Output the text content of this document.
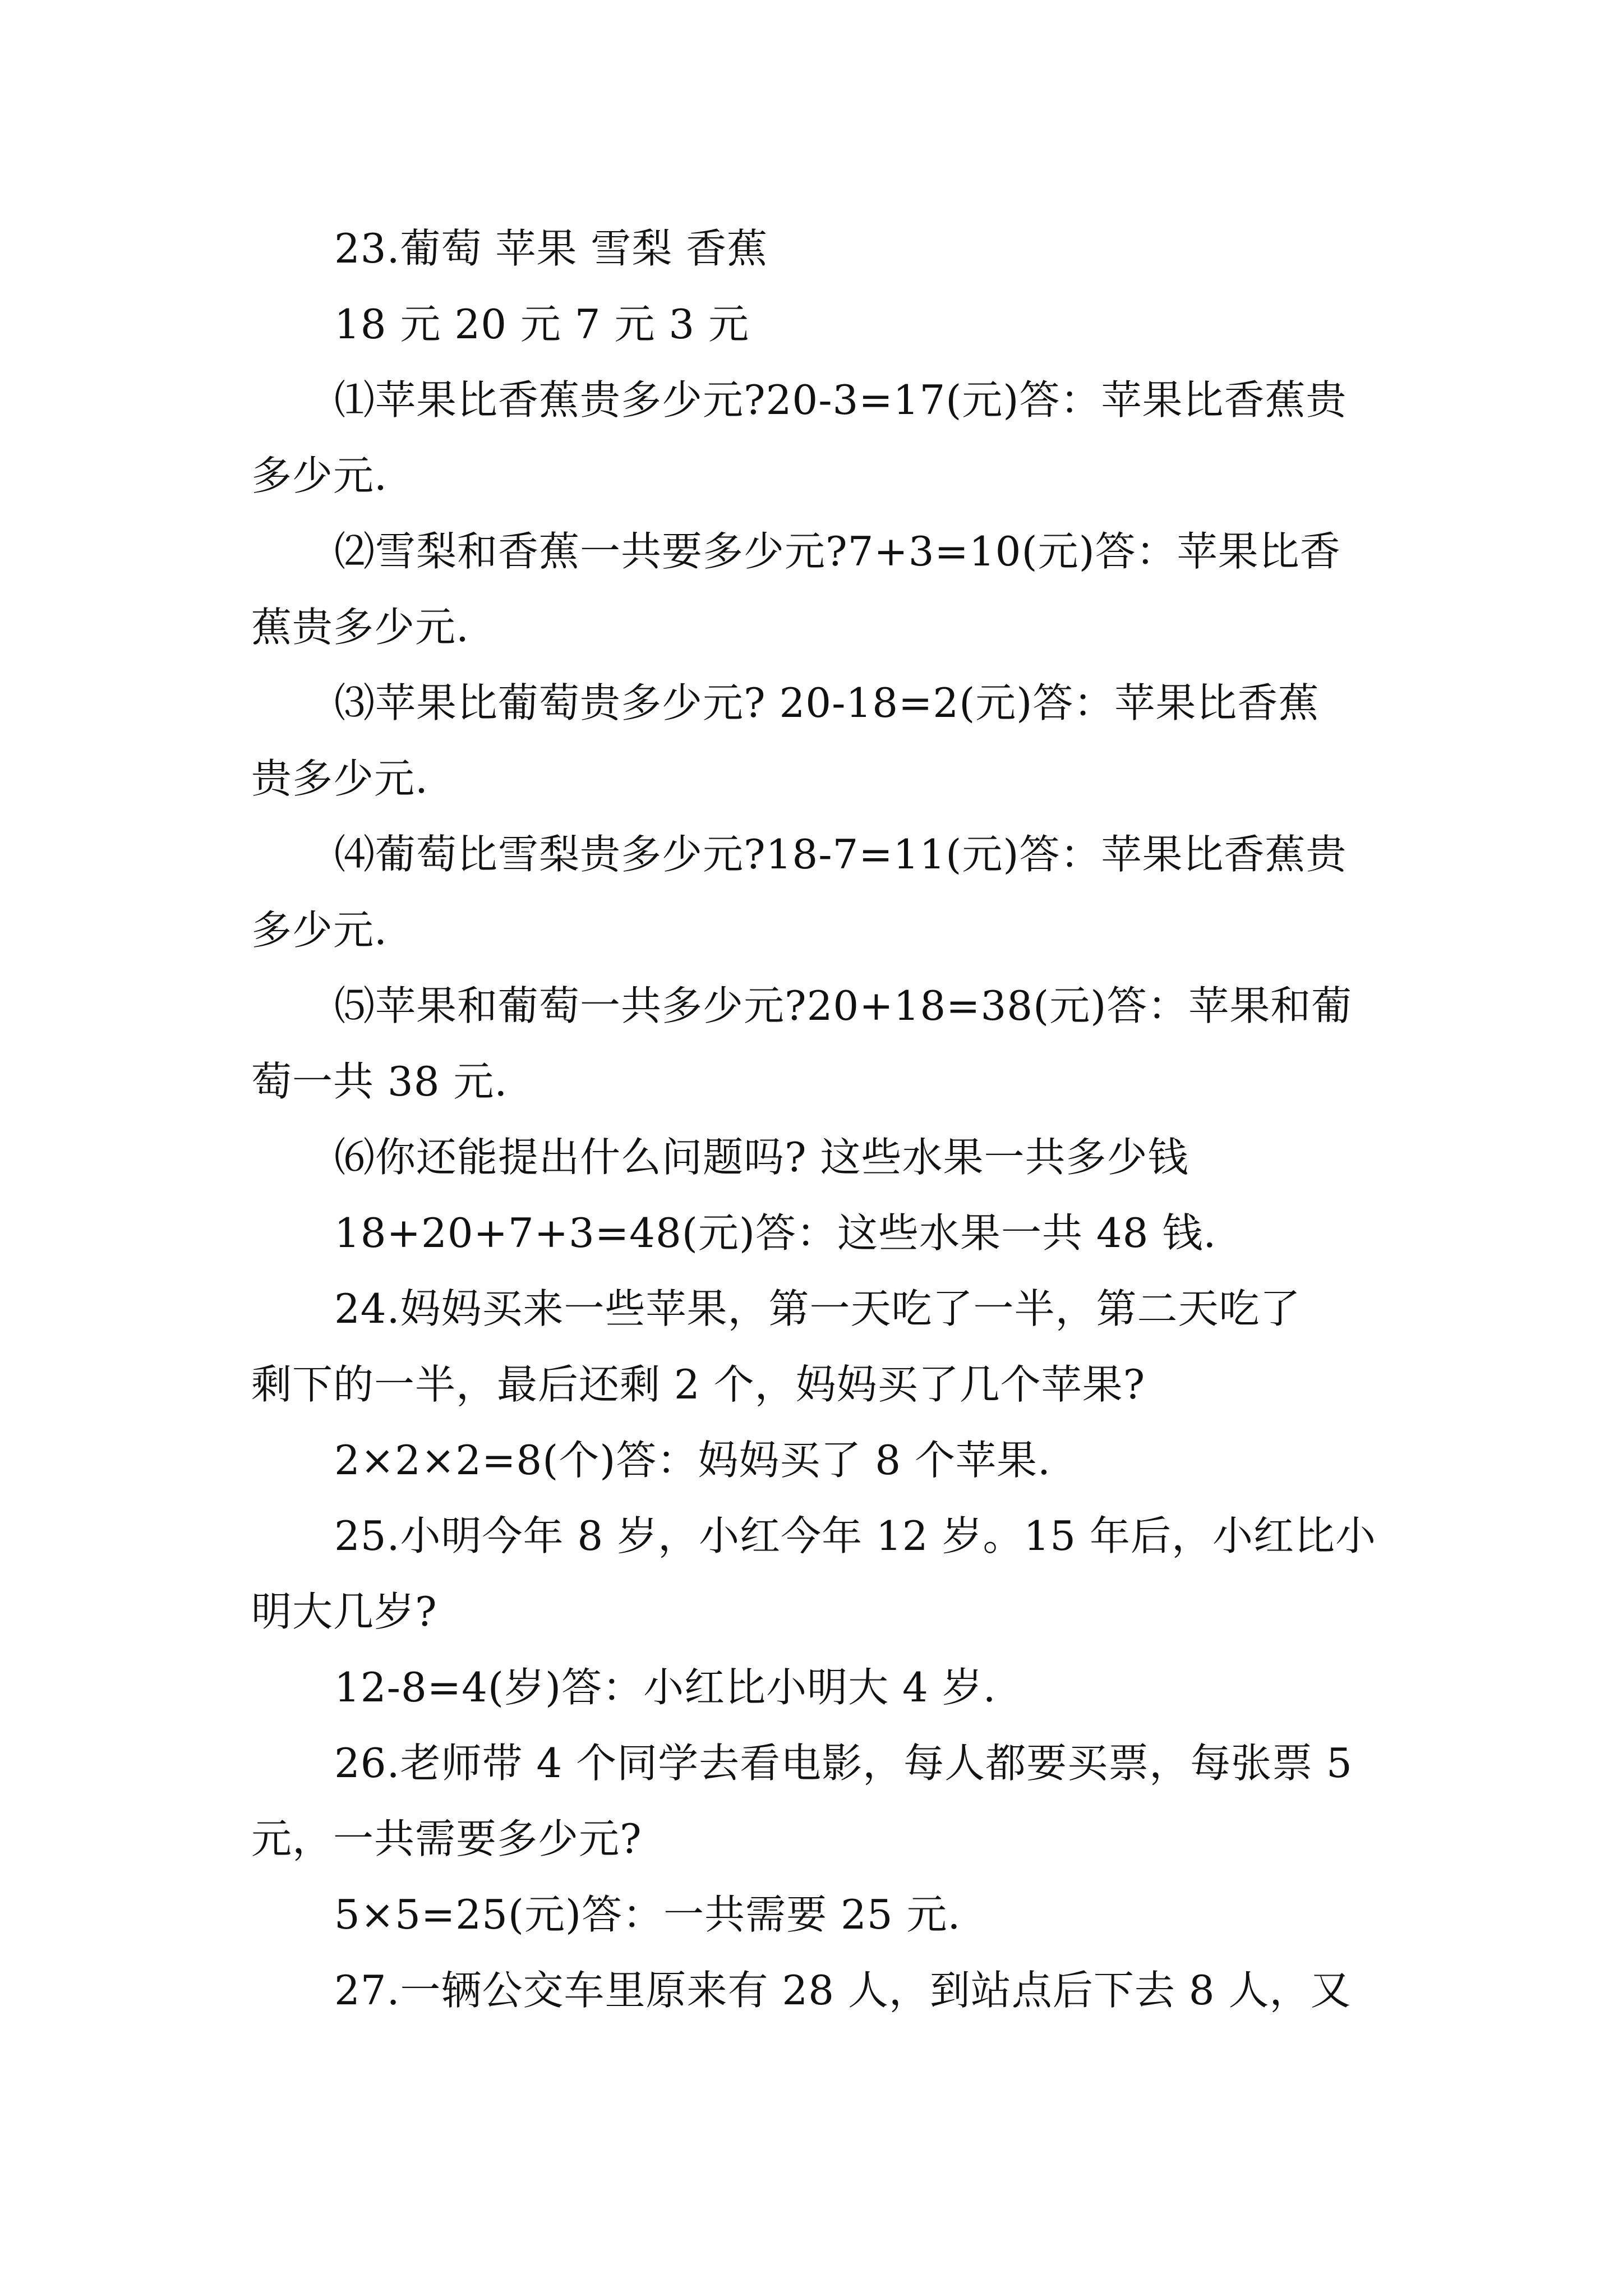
23.葡萄 苹果 雪梨 香蕉
18 元 20 元 7 元 3 元
⑴苹果比香蕉贵多少元?20-3=17(元)答：苹果比香蕉贵
多少元.
⑵雪梨和香蕉一共要多少元?7+3=10(元)答：苹果比香
蕉贵多少元.
⑶苹果比葡萄贵多少元? 20-18=2(元)答：苹果比香蕉
贵多少元.
⑷葡萄比雪梨贵多少元?18-7=11(元)答：苹果比香蕉贵
多少元.
⑸苹果和葡萄一共多少元?20+18=38(元)答：苹果和葡
萄一共 38 元.
⑹你还能提出什么问题吗? 这些水果一共多少钱
18+20+7+3=48(元)答：这些水果一共 48 钱.
24.妈妈买来一些苹果，第一天吃了一半，第二天吃了
剩下的一半，最后还剩 2 个，妈妈买了几个苹果?
2×2×2=8(个)答：妈妈买了 8 个苹果.
25.小明今年 8 岁，小红今年 12 岁。15 年后，小红比小
明大几岁?
12-8=4(岁)答：小红比小明大 4 岁.
26.老师带 4 个同学去看电影，每人都要买票，每张票 5
元，一共需要多少元?
5×5=25(元)答：一共需要 25 元.
27.一辆公交车里原来有 28 人，到站点后下去 8 人，又
